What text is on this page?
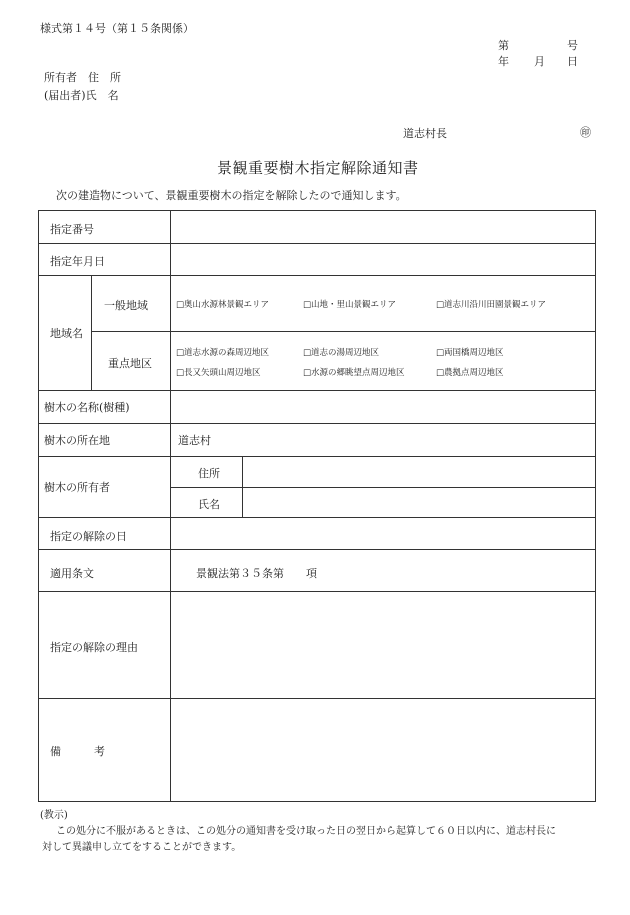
様式第１４号（第１５条関係）
第	号
年 月 日
所有者　住　所
(届出者)氏　名
道志村長	㊞
景観重要樹木指定解除通知書
次の建造物について、景観重要樹木の指定を解除したので通知します。
指定番号
指定年月日
地域名
一般地域	□奥山水源林景観エリア	□山地・里山景観エリア	□道志川沿川田園景観エリア
重点地区
□道志水源の森周辺地区	□道志の湯周辺地区	□両国橋周辺地区
□長又矢頭山周辺地区	□水源の郷眺望点周辺地区	□農拠点周辺地区
樹木の名称(樹種)
樹木の所在地	道志村
樹木の所有者
住所
氏名
指定の解除の日
適用条文	景観法第３５条第　　項
指定の解除の理由
備　　　考
(教示)
この処分に不服があるときは、この処分の通知書を受け取った日の翌日から起算して６０日以内に、道志村長に
対して異議申し立てをすることができます。
